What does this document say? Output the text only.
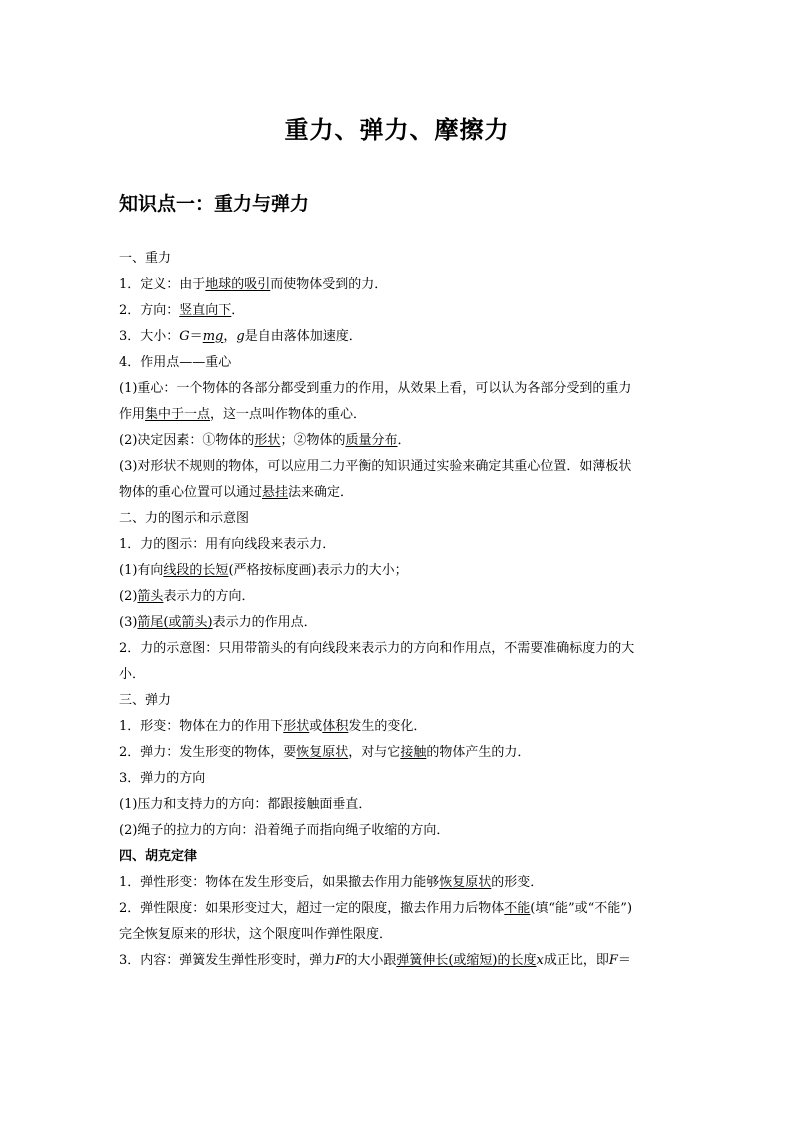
重力、弹力、摩擦力
知识点一：重力与弹力
一、重力
1．定义：由于地球的吸引而使物体受到的力．
2．方向：竖直向下．
3．大小：G＝mg，g是自由落体加速度．
4．作用点——重心
(1)重心：一个物体的各部分都受到重力的作用，从效果上看，可以认为各部分受到的重力
作用集中于一点，这一点叫作物体的重心．
(2)决定因素：①物体的形状；②物体的质量分布．
(3)对形状不规则的物体，可以应用二力平衡的知识通过实验来确定其重心位置．如薄板状
物体的重心位置可以通过悬挂法来确定．
二、力的图示和示意图
1．力的图示：用有向线段来表示力．
(1)有向线段的长短(严格按标度画)表示力的大小；
(2)箭头表示力的方向．
(3)箭尾(或箭头)表示力的作用点．
2．力的示意图：只用带箭头的有向线段来表示力的方向和作用点，不需要准确标度力的大
小．
三、弹力
1．形变：物体在力的作用下形状或体积发生的变化．
2．弹力：发生形变的物体，要恢复原状，对与它接触的物体产生的力．
3．弹力的方向
(1)压力和支持力的方向：都跟接触面垂直．
(2)绳子的拉力的方向：沿着绳子而指向绳子收缩的方向．
四、胡克定律
1．弹性形变：物体在发生形变后，如果撤去作用力能够恢复原状的形变．
2．弹性限度：如果形变过大，超过一定的限度，撤去作用力后物体不能(填“能”或“不能”)
完全恢复原来的形状，这个限度叫作弹性限度．
3．内容：弹簧发生弹性形变时，弹力F的大小跟弹簧伸长(或缩短)的长度x成正比，即F＝
